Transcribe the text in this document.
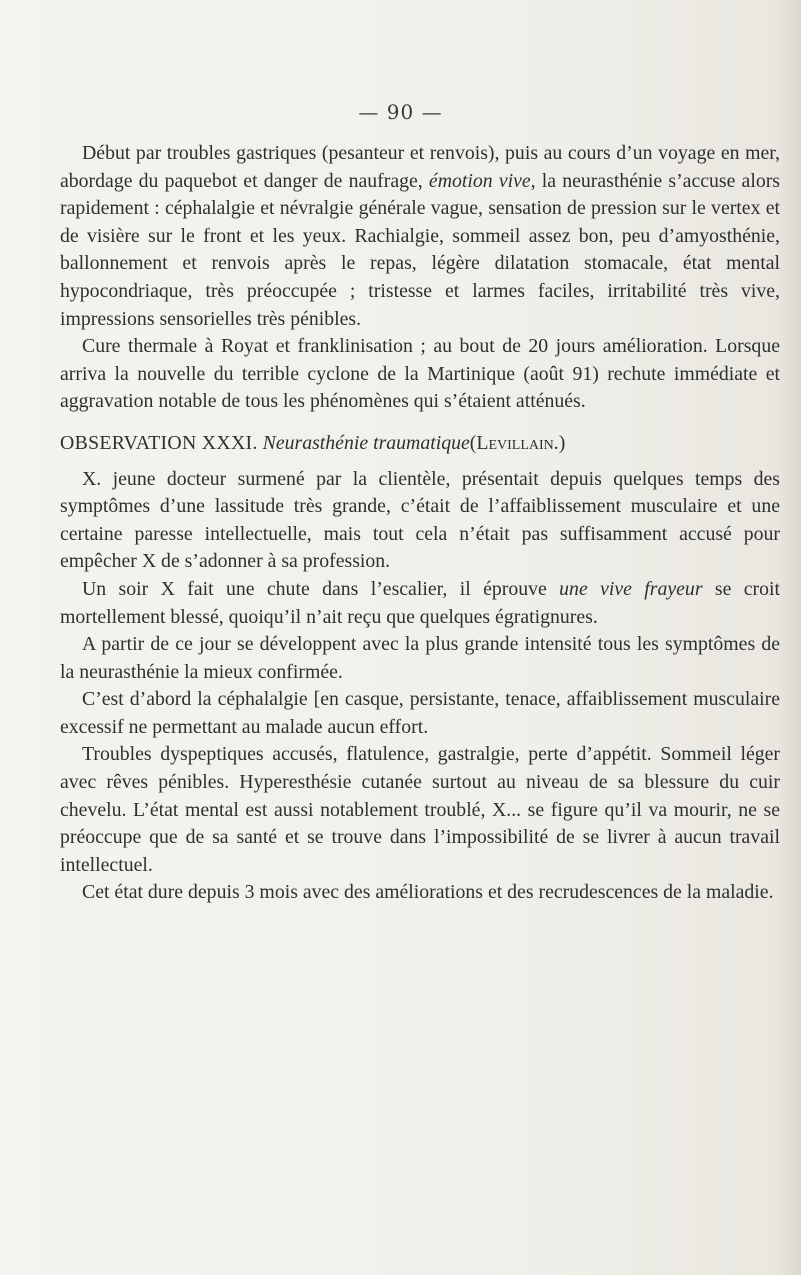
— 90 —

Début par troubles gastriques (pesanteur et renvois), puis au cours d’un voyage en mer, abordage du paquebot et danger de naufrage, émotion vive, la neurasthénie s’accuse alors rapidement : céphalalgie et névralgie générale vague, sensation de pression sur le vertex et de visière sur le front et les yeux. Rachialgie, sommeil assez bon, peu d’amyosthénie, ballonnement et renvois après le repas, légère dilatation stomacale, état mental hypocondriaque, très préoccupée ; tristesse et larmes faciles, irritabilité très vive, impressions sensorielles très pénibles.

Cure thermale à Royat et franklinisation ; au bout de 20 jours amélioration. Lorsque arriva la nouvelle du terrible cyclone de la Martinique (août 91) rechute immédiate et aggravation notable de tous les phénomènes qui s’étaient atténués.

OBSERVATION XXXI. Neurasthénie traumatique(Levillain.)

X. jeune docteur surmené par la clientèle, présentait depuis quelques temps des symptômes d’une lassitude très grande, c’était de l’affaiblissement musculaire et une certaine paresse intellectuelle, mais tout cela n’était pas suffisamment accusé pour empêcher X de s’adonner à sa profession.

Un soir X fait une chute dans l’escalier, il éprouve une vive frayeur se croit mortellement blessé, quoiqu’il n’ait reçu que quelques égratignures.

A partir de ce jour se développent avec la plus grande intensité tous les symptômes de la neurasthénie la mieux confirmée.

C’est d’abord la céphalalgie [en casque, persistante, tenace, affaiblissement musculaire excessif ne permettant au malade aucun effort.

Troubles dyspeptiques accusés, flatulence, gastralgie, perte d’appétit. Sommeil léger avec rêves pénibles. Hyperesthésie cutanée surtout au niveau de sa blessure du cuir chevelu. L’état mental est aussi notablement troublé, X... se figure qu’il va mourir, ne se préoccupe que de sa santé et se trouve dans l’impossibilité de se livrer à aucun travail intellectuel.

Cet état dure depuis 3 mois avec des améliorations et des recrudescences de la maladie.
